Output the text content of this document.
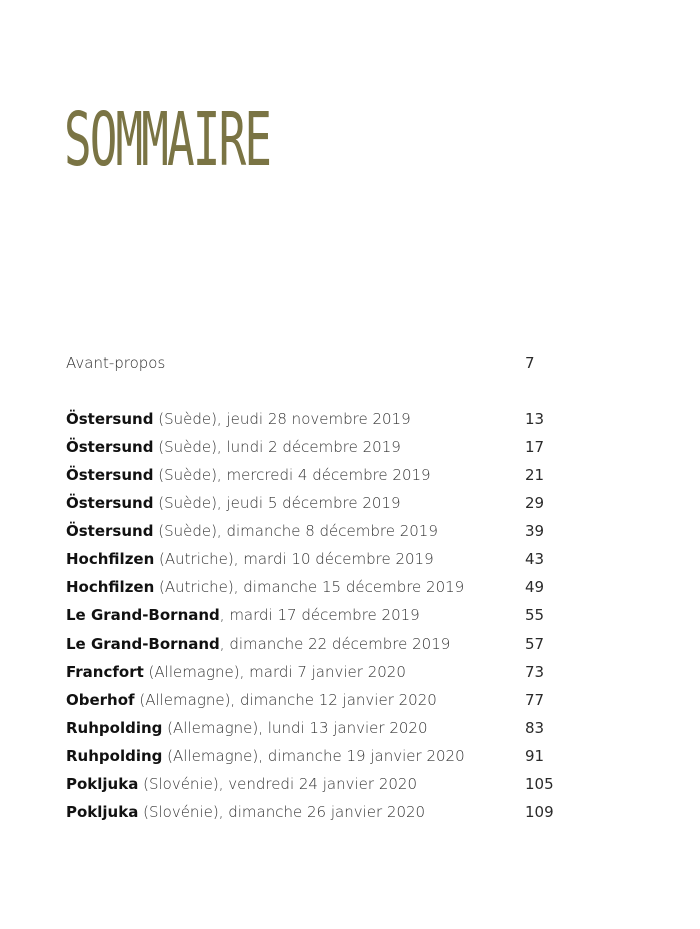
SOMMAIRE
Avant-propos	7
Östersund (Suède), jeudi 28 novembre 2019	13
Östersund (Suède), lundi 2 décembre 2019	17
Östersund (Suède), mercredi 4 décembre 2019	21
Östersund (Suède), jeudi 5 décembre 2019	29
Östersund (Suède), dimanche 8 décembre 2019	39
Hochfilzen (Autriche), mardi 10 décembre 2019	43
Hochfilzen (Autriche), dimanche 15 décembre 2019	49
Le Grand-Bornand, mardi 17 décembre 2019	55
Le Grand-Bornand, dimanche 22 décembre 2019	57
Francfort (Allemagne), mardi 7 janvier 2020	73
Oberhof (Allemagne), dimanche 12 janvier 2020	77
Ruhpolding (Allemagne), lundi 13 janvier 2020	83
Ruhpolding (Allemagne), dimanche 19 janvier 2020	91
Pokljuka (Slovénie), vendredi 24 janvier 2020	105
Pokljuka (Slovénie), dimanche 26 janvier 2020	109
